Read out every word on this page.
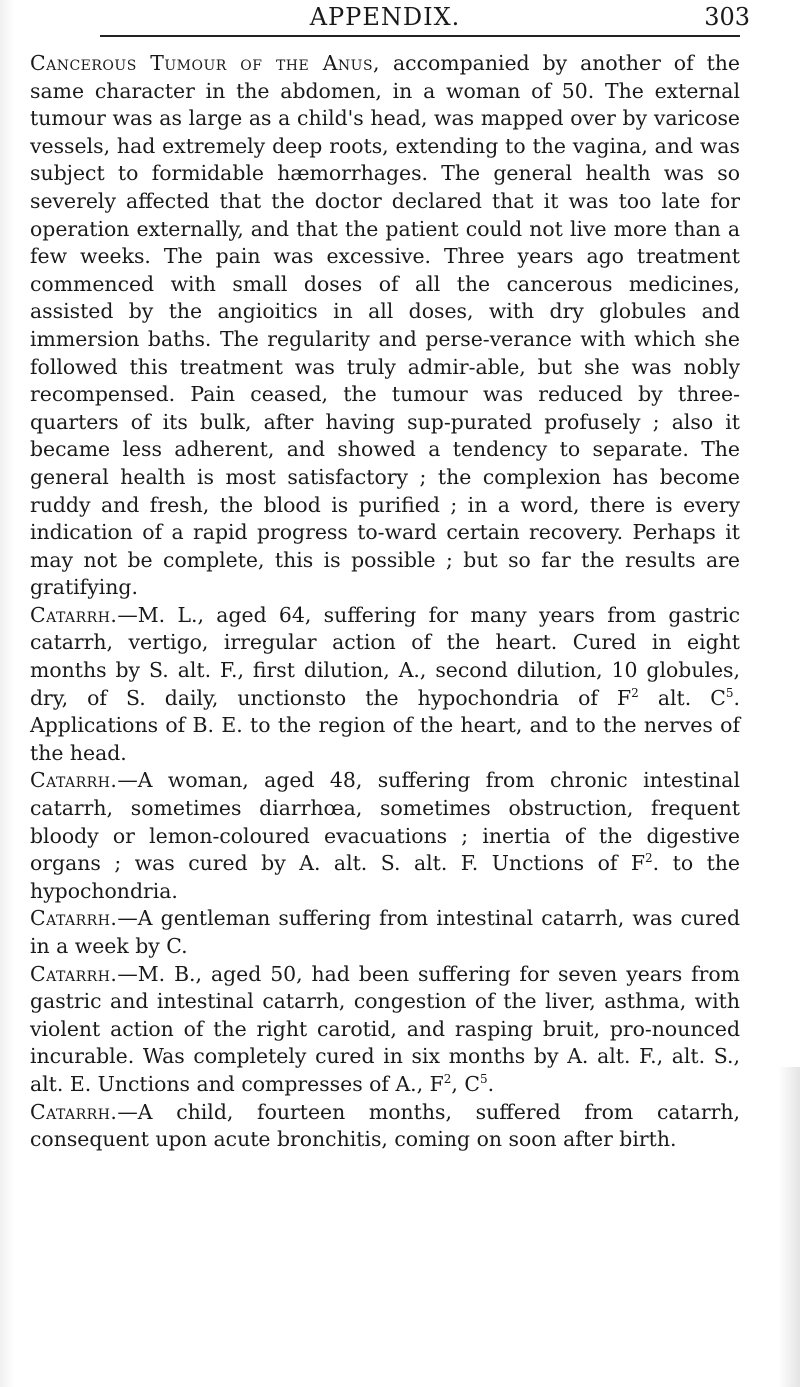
APPENDIX.	303

Cancerous Tumour of the Anus, accompanied by another of the same character in the abdomen, in a woman of 50. The external tumour was as large as a child's head, was mapped over by varicose vessels, had extremely deep roots, extending to the vagina, and was subject to formidable hæmorrhages. The general health was so severely affected that the doctor declared that it was too late for operation externally, and that the patient could not live more than a few weeks. The pain was excessive. Three years ago treatment commenced with small doses of all the cancerous medicines, assisted by the angioitics in all doses, with dry globules and immersion baths. The regularity and perse-verance with which she followed this treatment was truly admir-able, but she was nobly recompensed. Pain ceased, the tumour was reduced by three-quarters of its bulk, after having sup-purated profusely ; also it became less adherent, and showed a tendency to separate. The general health is most satisfactory ; the complexion has become ruddy and fresh, the blood is purified ; in a word, there is every indication of a rapid progress to-ward certain recovery. Perhaps it may not be complete, this is possible ; but so far the results are gratifying.

Catarrh.—M. L., aged 64, suffering for many years from gastric catarrh, vertigo, irregular action of the heart. Cured in eight months by S. alt. F., first dilution, A., second dilution, 10 globules, dry, of S. daily, unctionsto the hypochondria of $F^2$ alt. $C^5$. Applications of B. E. to the region of the heart, and to the nerves of the head.

Catarrh.—A woman, aged 48, suffering from chronic intestinal catarrh, sometimes diarrhœa, sometimes obstruction, frequent bloody or lemon-coloured evacuations ; inertia of the digestive organs ; was cured by A. alt. S. alt. F. Unctions of $F^2$. to the hypochondria.

Catarrh.—A gentleman suffering from intestinal catarrh, was cured in a week by C.

Catarrh.—M. B., aged 50, had been suffering for seven years from gastric and intestinal catarrh, congestion of the liver, asthma, with violent action of the right carotid, and rasping bruit, pro-nounced incurable. Was completely cured in six months by A. alt. F., alt. S., alt. E. Unctions and compresses of A., $F^2$, $C^5$.

Catarrh.—A child, fourteen months, suffered from catarrh, consequent upon acute bronchitis, coming on soon after birth.
